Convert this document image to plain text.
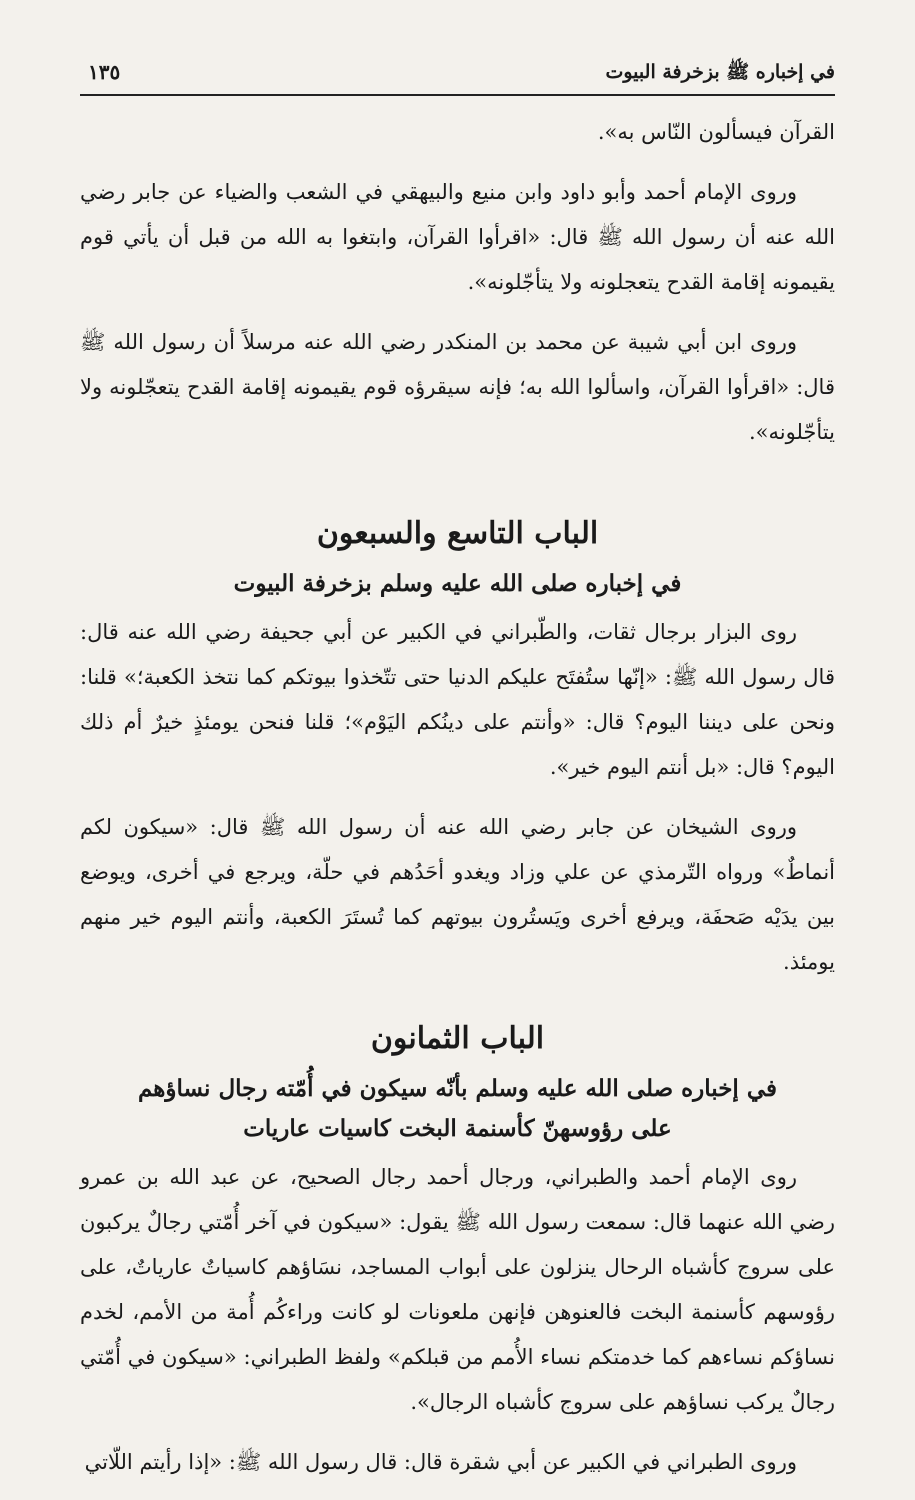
في إخباره ﷺ بزخرفة البيوت
١٣٥

القرآن فيسألون النّاس به».

وروى الإمام أحمد وأبو داود وابن منيع والبيهقي في الشعب والضياء عن جابر رضي الله عنه أن رسول الله ﷺ قال: «اقرأوا القرآن، وابتغوا به الله من قبل أن يأتي قوم يقيمونه إقامة القدح يتعجلونه ولا يتأجّلونه».

وروى ابن أبي شيبة عن محمد بن المنكدر رضي الله عنه مرسلاً أن رسول الله ﷺ قال: «اقرأوا القرآن، واسألوا الله به؛ فإنه سيقرؤه قوم يقيمونه إقامة القدح يتعجّلونه ولا يتأجّلونه».

الباب التاسع والسبعون
في إخباره صلى الله عليه وسلم بزخرفة البيوت

روى البزار برجال ثقات، والطّبراني في الكبير عن أبي جحيفة رضي الله عنه قال: قال رسول الله ﷺ: «إنّها ستُفتَح عليكم الدنيا حتى تتّخذوا بيوتكم كما نتخذ الكعبة؛» قلنا: ونحن على ديننا اليوم؟ قال: «وأنتم على دينُكم اليَوْم»؛ قلنا فنحن يومئذٍ خيرٌ أم ذلك اليوم؟ قال: «بل أنتم اليوم خير».

وروى الشيخان عن جابر رضي الله عنه أن رسول الله ﷺ قال: «سيكون لكم أنماطٌ» ورواه التّرمذي عن علي وزاد ويغدو أحَدُهم في حلّة، ويرجع في أخرى، ويوضع بين يدَيْه صَحفَة، ويرفع أخرى ويَستُرون بيوتهم كما تُستَرَ الكعبة، وأنتم اليوم خير منهم يومئذ.

الباب الثمانون
في إخباره صلى الله عليه وسلم بأنّه سيكون في أُمّته رجال نساؤهم
على رؤوسهنّ كأسنمة البخت كاسيات عاريات

روى الإمام أحمد والطبراني، ورجال أحمد رجال الصحيح، عن عبد الله بن عمرو رضي الله عنهما قال: سمعت رسول الله ﷺ يقول: «سيكون في آخر أُمّتي رجالٌ يركبون على سروج كأشباه الرحال ينزلون على أبواب المساجد، نسَاؤهم كاسياتٌ عارياتٌ، على رؤوسهم كأسنمة البخت فالعنوهن فإنهن ملعونات لو كانت وراءكُم أُمة من الأمم، لخدم نساؤكم نساءهم كما خدمتكم نساء الأُمم من قبلكم» ولفظ الطبراني: «سيكون في أُمّتي رجالٌ يركب نساؤهم على سروج كأشباه الرجال».

وروى الطبراني في الكبير عن أبي شقرة قال: قال رسول الله ﷺ: «إذا رأيتم اللّاتي
